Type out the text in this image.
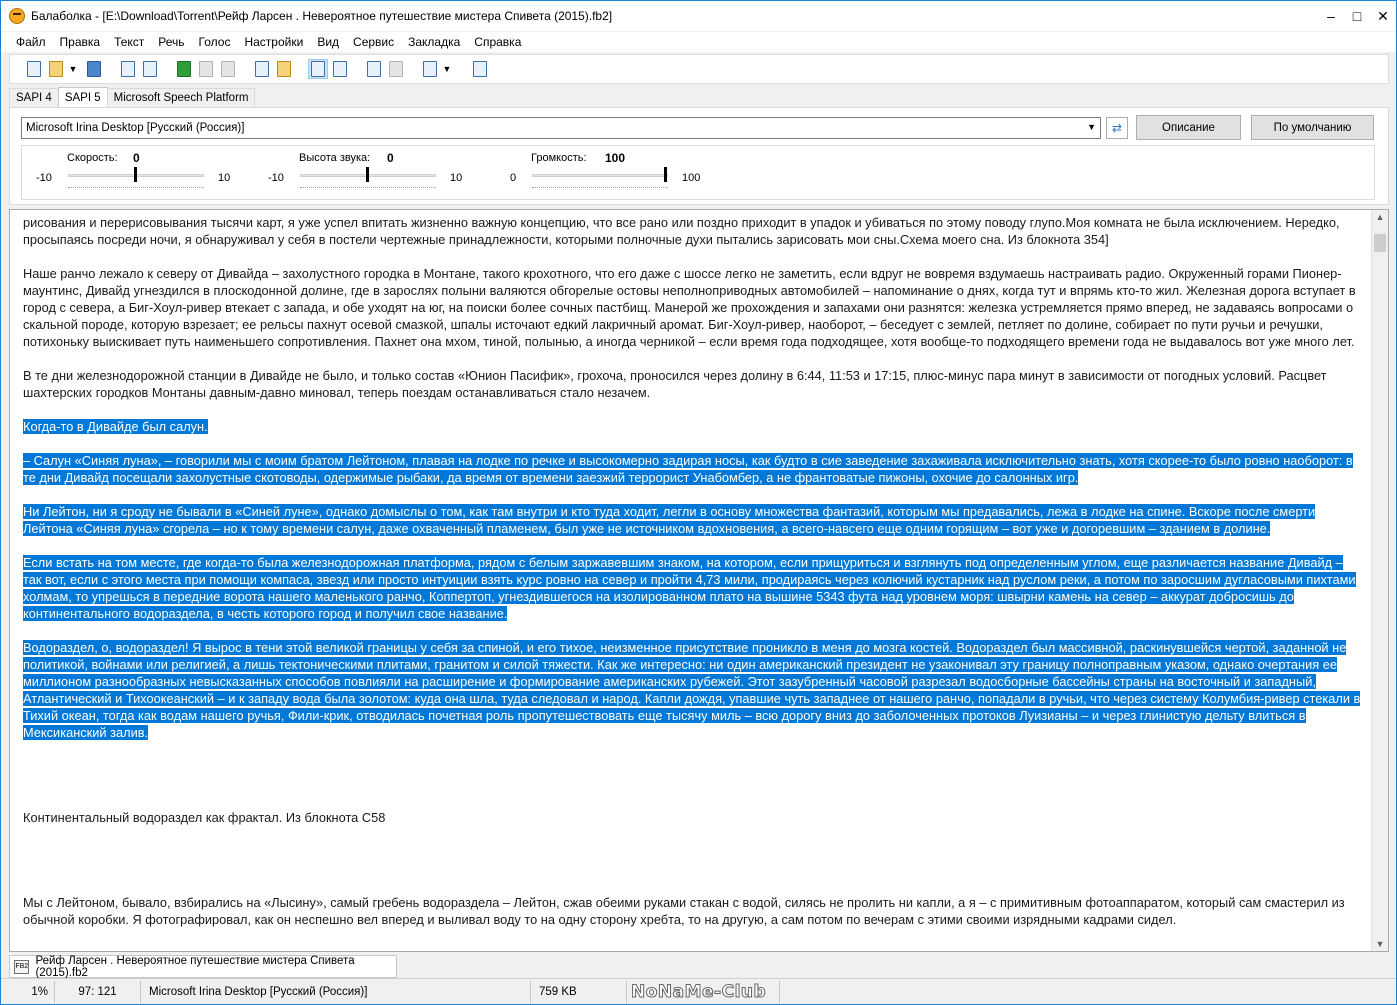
Балаболка - [E:\Download\Torrent\Рейф Ларсен . Невероятное путешествие мистера Спивета (2015).fb2]	–	□	✕
Файл	Правка	Текст	Речь	Голос	Настройки	Вид	Сервис	Закладка	Справка
▼	▼
SAPI 4	SAPI 5	Microsoft Speech Platform
Microsoft Irina Desktop [Русский (Россия)]	▼ ⇄	Описание	По умолчанию
Скорость: 0
-10	10
Высота звука: 0
-10	10
Громкость: 100
0	100
рисования и перерисовывания тысячи карт, я уже успел впитать жизненно важную концепцию, что все рано или поздно приходит в упадок и убиваться по этому поводу глупо.Моя комната не была исключением. Нередко, просыпаясь посреди ночи, я обнаруживал у себя в постели чертежные принадлежности, которыми полночные духи пытались зарисовать мои сны.Схема моего сна. Из блокнота 354]
Наше ранчо лежало к северу от Дивайда – захолустного городка в Монтане, такого крохотного, что его даже с шоссе легко не заметить, если вдруг не вовремя вздумаешь настраивать радио. Окруженный горами Пионер-маунтинс, Дивайд угнездился в плоскодонной долине, где в зарослях полыни валяются обгорелые остовы неполноприводных автомобилей – напоминание о днях, когда тут и впрямь кто-то жил. Железная дорога вступает в город с севера, а Биг-Хоул-ривер втекает с запада, и обе уходят на юг, на поиски более сочных пастбищ. Манерой же прохождения и запахами они разнятся: железка устремляется прямо вперед, не задаваясь вопросами о скальной породе, которую взрезает; ее рельсы пахнут осевой смазкой, шпалы источают едкий лакричный аромат. Биг-Хоул-ривер, наоборот, – беседует с землей, петляет по долине, собирает по пути ручьи и речушки, потихоньку выискивает путь наименьшего сопротивления. Пахнет она мхом, тиной, полынью, а иногда черникой – если время года подходящее, хотя вообще-то подходящего времени года не выдавалось вот уже много лет.
В те дни железнодорожной станции в Дивайде не было, и только состав «Юнион Пасифик», грохоча, проносился через долину в 6:44, 11:53 и 17:15, плюс-минус пара минут в зависимости от погодных условий. Расцвет шахтерских городков Монтаны давным-давно миновал, теперь поездам останавливаться стало незачем.
Когда-то в Дивайде был салун.
– Салун «Синяя луна», – говорили мы с моим братом Лейтоном, плавая на лодке по речке и высокомерно задирая носы, как будто в сие заведение захаживала исключительно знать, хотя скорее-то было ровно наоборот: в те дни Дивайд посещали захолустные скотоводы, одержимые рыбаки, да время от времени заезжий террорист Унабомбер, а не франтоватые пижоны, охочие до салонных игр.
Ни Лейтон, ни я сроду не бывали в «Синей луне», однако домыслы о том, как там внутри и кто туда ходит, легли в основу множества фантазий, которым мы предавались, лежа в лодке на спине. Вскоре после смерти Лейтона «Синяя луна» сгорела – но к тому времени салун, даже охваченный пламенем, был уже не источником вдохновения, а всего-навсего еще одним горящим – вот уже и догоревшим – зданием в долине.
Если встать на том месте, где когда-то была железнодорожная платформа, рядом с белым заржавевшим знаком, на котором, если прищуриться и взглянуть под определенным углом, еще различается название Дивайд – так вот, если с этого места при помощи компаса, звезд или просто интуиции взять курс ровно на север и пройти 4,73 мили, продираясь через колючий кустарник над руслом реки, а потом по заросшим дугласовыми пихтами холмам, то упрешься в передние ворота нашего маленького ранчо, Коппертоп, угнездившегося на изолированном плато на вышине 5343 фута над уровнем моря: швырни камень на север – аккурат добросишь до континентального водораздела, в честь которого город и получил свое название.
Водораздел, о, водораздел! Я вырос в тени этой великой границы у себя за спиной, и его тихое, неизменное присутствие проникло в меня до мозга костей. Водораздел был массивной, раскинувшейся чертой, заданной не политикой, войнами или религией, а лишь тектоническими плитами, гранитом и силой тяжести. Как же интересно: ни один американский президент не узаконивал эту границу полноправным указом, однако очертания ее миллионом разнообразных невысказанных способов повлияли на расширение и формирование американских рубежей. Этот зазубренный часовой разрезал водосборные бассейны страны на восточный и западный, Атлантический и Тихоокеанский – и к западу вода была золотом: куда она шла, туда следовал и народ. Капли дождя, упавшие чуть западнее от нашего ранчо, попадали в ручьи, что через систему Колумбия-ривер стекали в Тихий океан, тогда как водам нашего ручья, Фили-крик, отводилась почетная роль пропутешествовать еще тысячу миль – всю дорогу вниз до заболоченных протоков Луизианы – и через глинистую дельту влиться в Мексиканский залив.
Континентальный водораздел как фрактал. Из блокнота С58
Мы с Лейтоном, бывало, взбирались на «Лысину», самый гребень водораздела – Лейтон, сжав обеими руками стакан с водой, силясь не пролить ни капли, а я – с примитивным фотоаппаратом, который сам смастерил из обычной коробки. Я фотографировал, как он неспешно вел вперед и выливал воду то на одну сторону хребта, то на другую, а сам потом по вечерам с этими своими изрядными кадрами сидел.
▲
▼
FB2 Рейф Ларсен . Невероятное путешествие мистера Спивета (2015).fb2
1%	97: 121	Microsoft Irina Desktop [Русский (Россия)]	759 KB	NoNaMe-Club
